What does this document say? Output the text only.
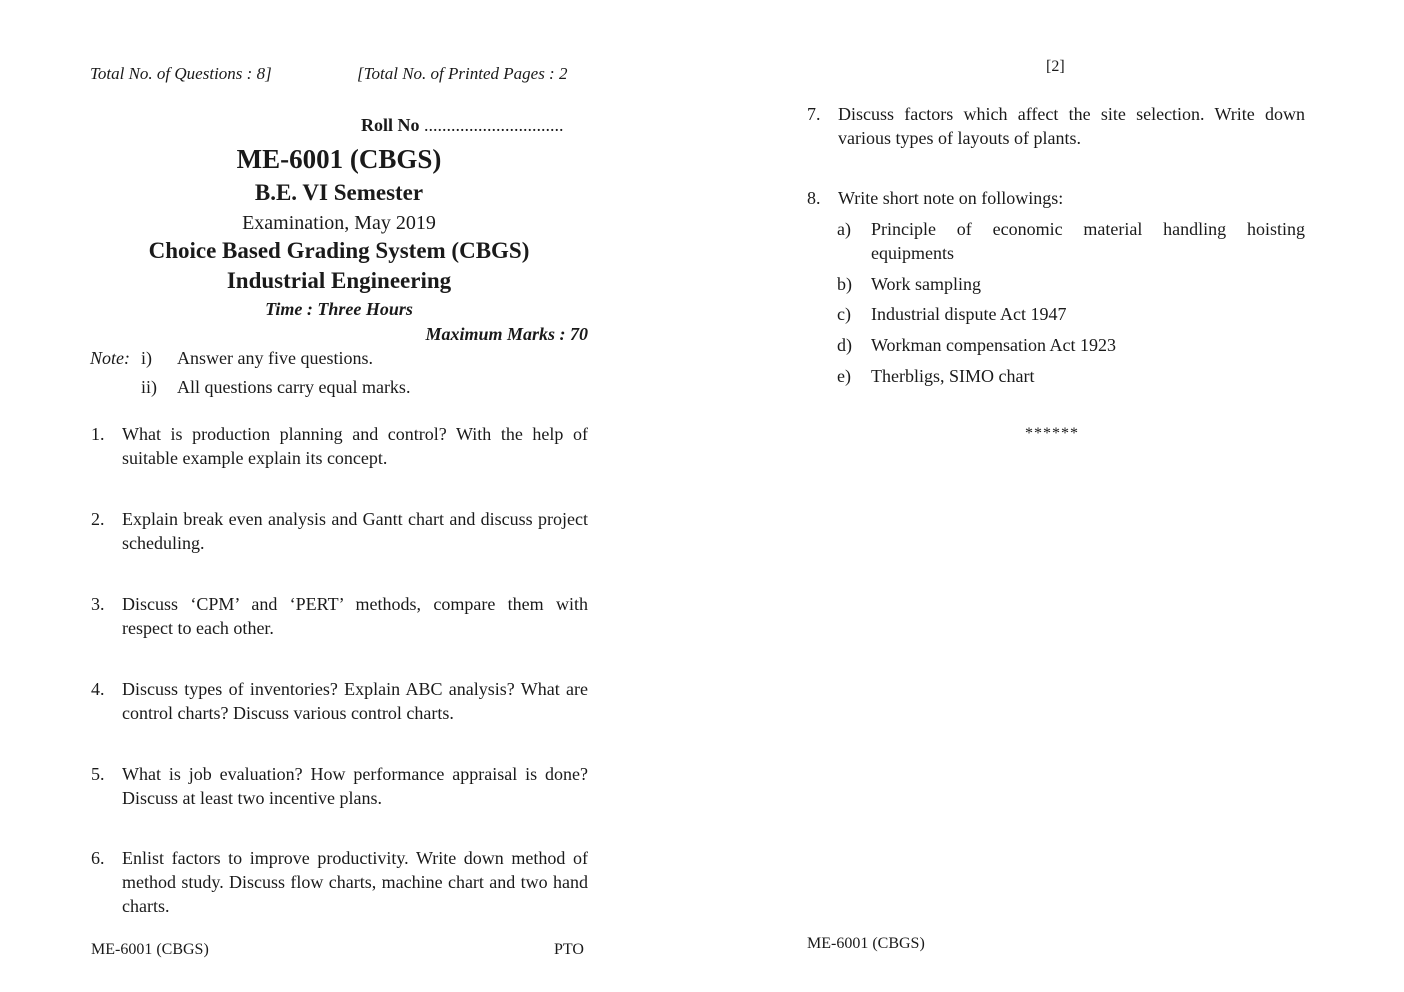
Total No. of Questions : 8]	[Total No. of Printed Pages : 2
Roll No ...............................
ME-6001 (CBGS)
B.E. VI Semester
Examination, May 2019
Choice Based Grading System (CBGS)
Industrial Engineering
Time : Three Hours
Maximum Marks : 70
Note: i) Answer any five questions.
ii) All questions carry equal marks.
1. What is production planning and control? With the help of suitable example explain its concept.
2. Explain break even analysis and Gantt chart and discuss project scheduling.
3. Discuss ‘CPM’ and ‘PERT’ methods, compare them with respect to each other.
4. Discuss types of inventories? Explain ABC analysis? What are control charts? Discuss various control charts.
5. What is job evaluation? How performance appraisal is done? Discuss at least two incentive plans.
6. Enlist factors to improve productivity. Write down method of method study. Discuss flow charts, machine chart and two hand charts.
ME-6001 (CBGS)	PTO
[2]
7. Discuss factors which affect the site selection. Write down various types of layouts of plants.
8. Write short note on followings:
a) Principle of economic material handling hoisting equipments
b) Work sampling
c) Industrial dispute Act 1947
d) Workman compensation Act 1923
e) Therbligs, SIMO chart
******
ME-6001 (CBGS)
